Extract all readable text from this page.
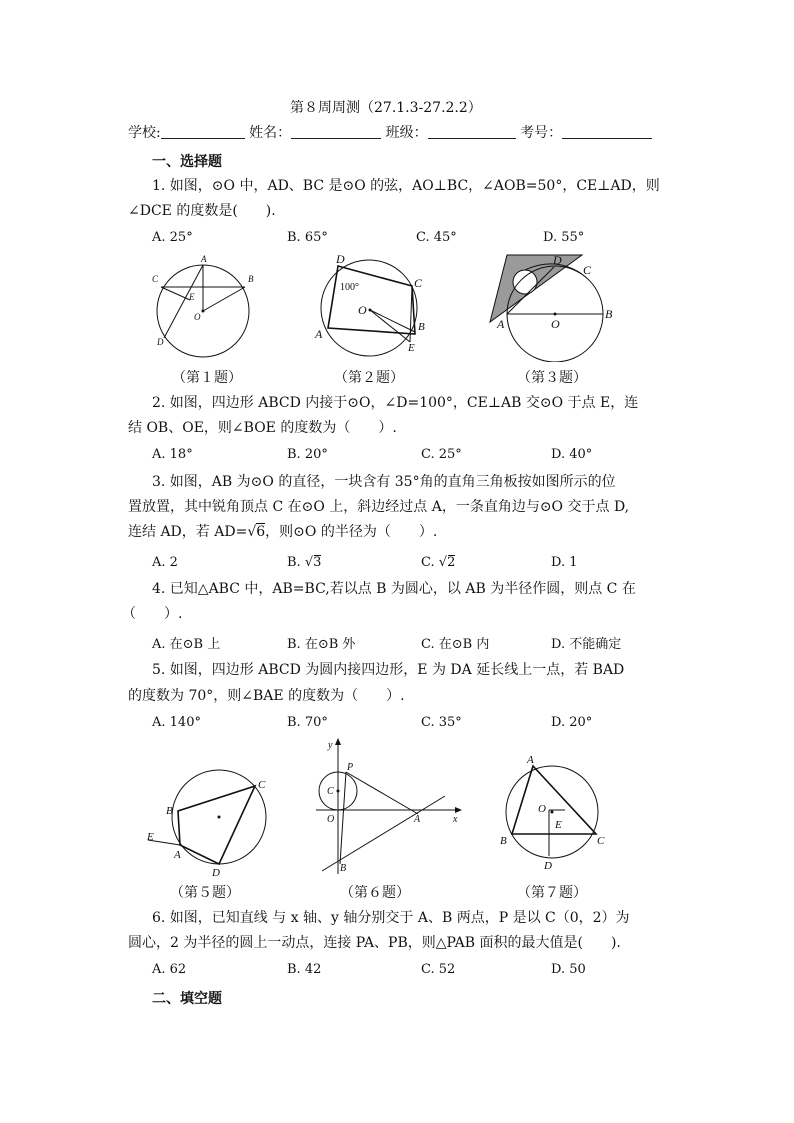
第８周周测（27.1.3-27.2.2）
学校:	姓名：	班级：	考号：
一、选择题
1. 如图，⊙O 中，AD、BC 是⊙O 的弦，AO⊥BC，∠AOB=50°，CE⊥AD，则
∠DCE 的度数是(　　).
A. 25°	B. 65°	C. 45°	D. 55°
A
B
C
D
E
O
D
C
O
A	B
E
100°
D
C
A	O
B
（第１题）	（第２题）	（第３题）
2. 如图，四边形 ABCD 内接于⊙O，∠D=100°，CE⊥AB 交⊙O 于点 E，连
结 OB、OE，则∠BOE 的度数为（　　）.
A. 18°	B. 20°	C. 25°	D. 40°
3. 如图，AB 为⊙O 的直径，一块含有 35°角的直角三角板按如图所示的位
置放置，其中锐角顶点 C 在⊙O 上，斜边经过点 A，一条直角边与⊙O 交于点 D,
连结 AD，若 AD=√
6，则⊙O 的半径为（　　）.
A. 2	B. √
3	C. √
2	D. 1
4. 已知△ABC 中，AB=BC,若以点 B 为圆心，以 AB 为半径作圆，则点 C 在
（　　）.
A. 在⊙B 上	B. 在⊙B 外	C. 在⊙B 内	D. 不能确定
5. 如图，四边形 ABCD 为圆内接四边形，E 为 DA 延长线上一点，若 BAD
的度数为 70°，则∠BAE 的度数为（　　）.
A. 140°	B. 70°	C. 35°	D. 20°
C
B
E
A
D
y
P
C
O	A	x
B
A
O
E
B	C
D
（第５题）	（第６题）	（第７题）
6. 如图，已知直线 与 x 轴、y 轴分别交于 A、B 两点，P 是以 C（0，2）为
圆心，2 为半径的圆上一动点，连接 PA、PB，则△PAB 面积的最大值是(　　).
A. 62	B. 42	C. 52	D. 50
二、填空题
